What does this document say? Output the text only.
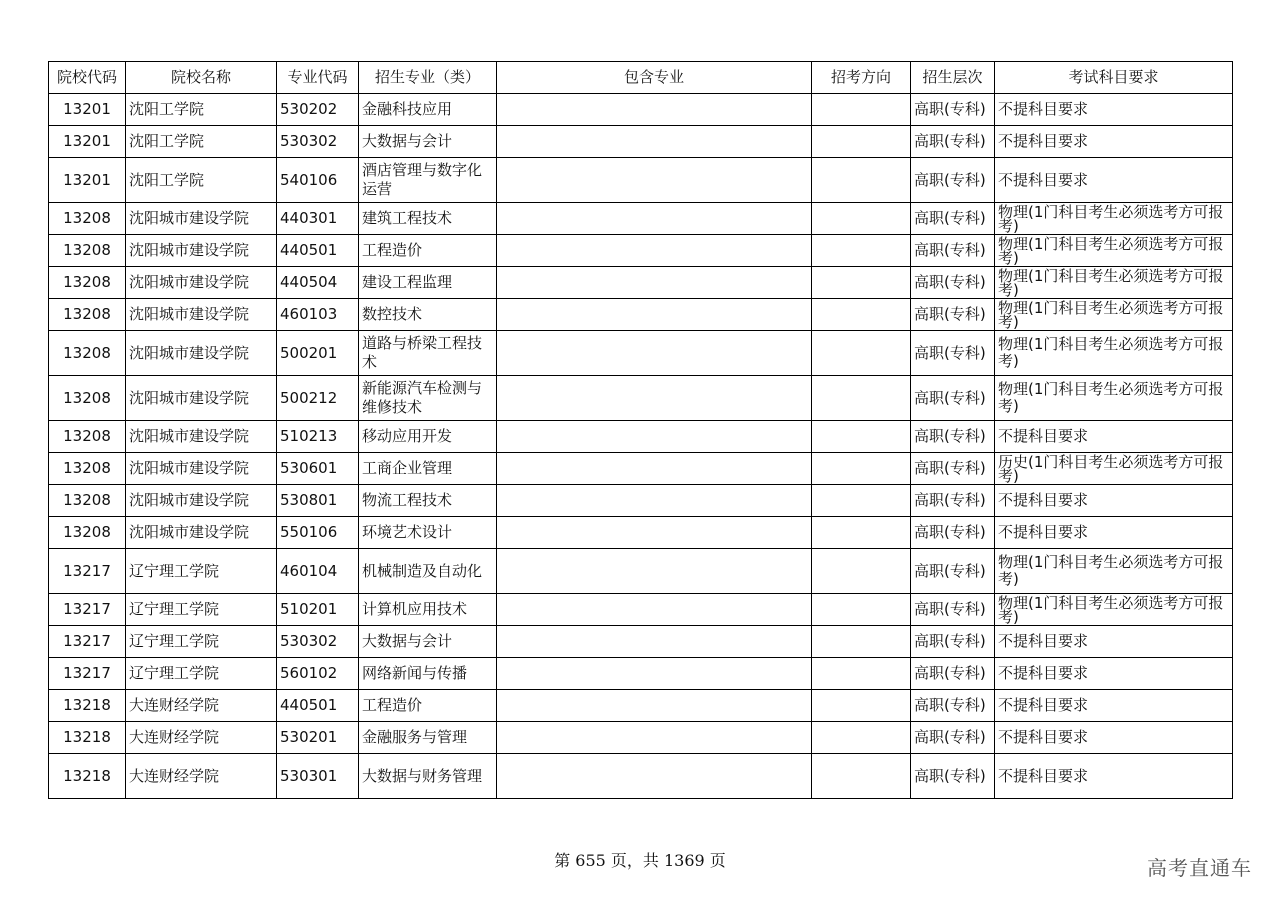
院校代码	院校名称	专业代码	招生专业（类）	包含专业	招考方向	招生层次	考试科目要求
13201	沈阳工学院	530202	金融科技应用			高职(专科)	不提科目要求
13201	沈阳工学院	530302	大数据与会计			高职(专科)	不提科目要求
13201	沈阳工学院	540106	酒店管理与数字化运营			高职(专科)	不提科目要求
13208	沈阳城市建设学院	440301	建筑工程技术			高职(专科)	物理(1门科目考生必须选考方可报考)
13208	沈阳城市建设学院	440501	工程造价			高职(专科)	物理(1门科目考生必须选考方可报考)
13208	沈阳城市建设学院	440504	建设工程监理			高职(专科)	物理(1门科目考生必须选考方可报考)
13208	沈阳城市建设学院	460103	数控技术			高职(专科)	物理(1门科目考生必须选考方可报考)
13208	沈阳城市建设学院	500201	道路与桥梁工程技术			高职(专科)	物理(1门科目考生必须选考方可报考)
13208	沈阳城市建设学院	500212	新能源汽车检测与维修技术			高职(专科)	物理(1门科目考生必须选考方可报考)
13208	沈阳城市建设学院	510213	移动应用开发			高职(专科)	不提科目要求
13208	沈阳城市建设学院	530601	工商企业管理			高职(专科)	历史(1门科目考生必须选考方可报考)
13208	沈阳城市建设学院	530801	物流工程技术			高职(专科)	不提科目要求
13208	沈阳城市建设学院	550106	环境艺术设计			高职(专科)	不提科目要求
13217	辽宁理工学院	460104	机械制造及自动化			高职(专科)	物理(1门科目考生必须选考方可报考)
13217	辽宁理工学院	510201	计算机应用技术			高职(专科)	物理(1门科目考生必须选考方可报考)
13217	辽宁理工学院	530302	大数据与会计			高职(专科)	不提科目要求
13217	辽宁理工学院	560102	网络新闻与传播			高职(专科)	不提科目要求
13218	大连财经学院	440501	工程造价			高职(专科)	不提科目要求
13218	大连财经学院	530201	金融服务与管理			高职(专科)	不提科目要求
13218	大连财经学院	530301	大数据与财务管理			高职(专科)	不提科目要求
第 655 页，共 1369 页	高考直通车
